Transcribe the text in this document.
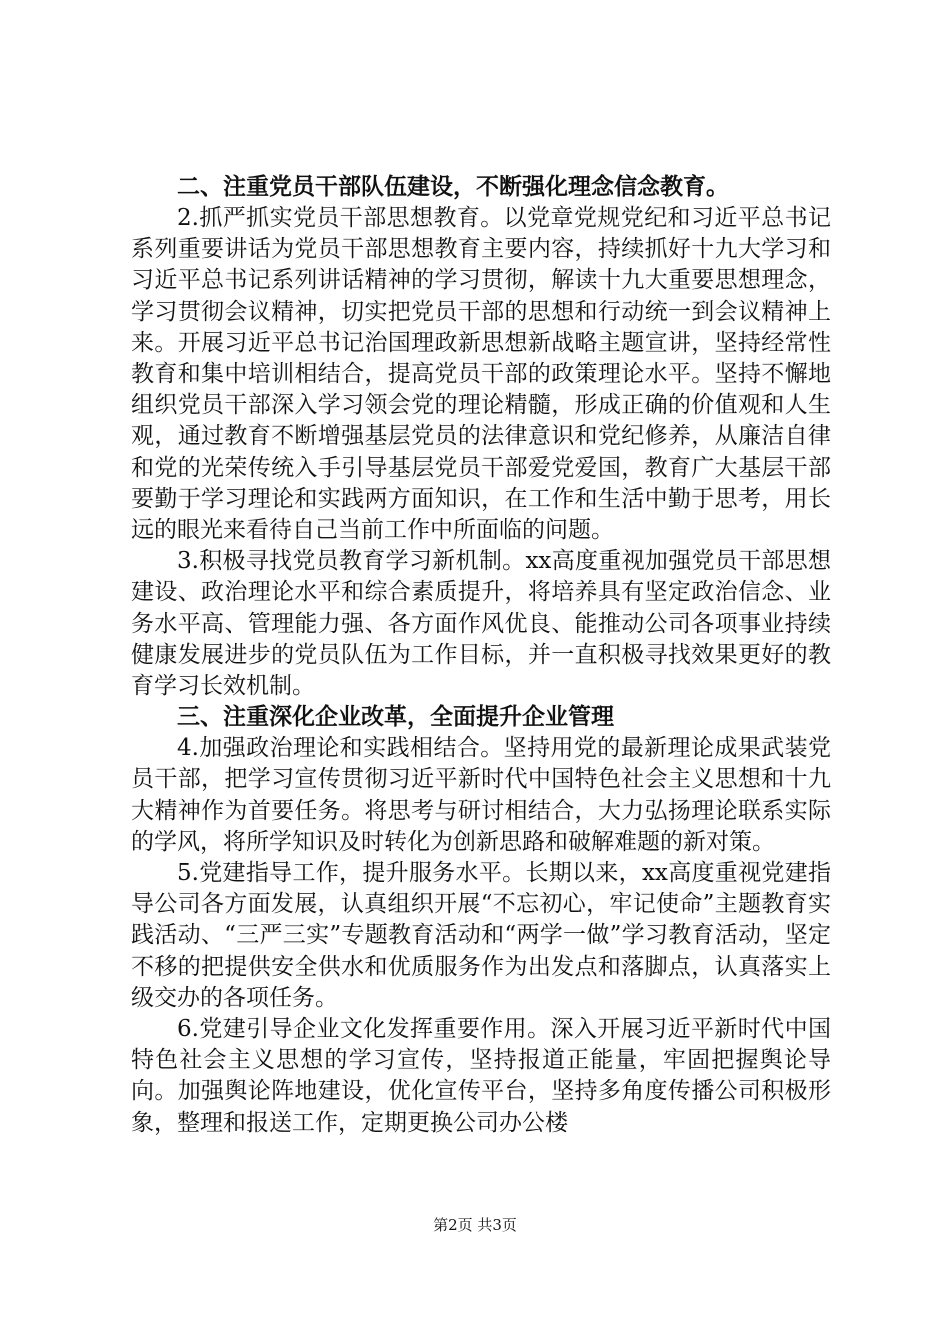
二、注重党员干部队伍建设，不断强化理念信念教育。

2.抓严抓实党员干部思想教育。以党章党规党纪和习近平总书记系列重要讲话为党员干部思想教育主要内容，持续抓好十九大学习和习近平总书记系列讲话精神的学习贯彻，解读十九大重要思想理念，学习贯彻会议精神，切实把党员干部的思想和行动统一到会议精神上来。开展习近平总书记治国理政新思想新战略主题宣讲，坚持经常性教育和集中培训相结合，提高党员干部的政策理论水平。坚持不懈地组织党员干部深入学习领会党的理论精髓，形成正确的价值观和人生观，通过教育不断增强基层党员的法律意识和党纪修养，从廉洁自律和党的光荣传统入手引导基层党员干部爱党爱国，教育广大基层干部要勤于学习理论和实践两方面知识，在工作和生活中勤于思考，用长远的眼光来看待自己当前工作中所面临的问题。

3.积极寻找党员教育学习新机制。xx高度重视加强党员干部思想建设、政治理论水平和综合素质提升，将培养具有坚定政治信念、业务水平高、管理能力强、各方面作风优良、能推动公司各项事业持续健康发展进步的党员队伍为工作目标，并一直积极寻找效果更好的教育学习长效机制。

三、注重深化企业改革，全面提升企业管理

4.加强政治理论和实践相结合。坚持用党的最新理论成果武装党员干部，把学习宣传贯彻习近平新时代中国特色社会主义思想和十九大精神作为首要任务。将思考与研讨相结合，大力弘扬理论联系实际的学风，将所学知识及时转化为创新思路和破解难题的新对策。

5.党建指导工作，提升服务水平。长期以来，xx高度重视党建指导公司各方面发展，认真组织开展“不忘初心，牢记使命”主题教育实践活动、“三严三实”专题教育活动和“两学一做”学习教育活动，坚定不移的把提供安全供水和优质服务作为出发点和落脚点，认真落实上级交办的各项任务。

6.党建引导企业文化发挥重要作用。深入开展习近平新时代中国特色社会主义思想的学习宣传，坚持报道正能量，牢固把握舆论导向。加强舆论阵地建设，优化宣传平台，坚持多角度传播公司积极形象，整理和报送工作，定期更换公司办公楼

第2页 共3页
